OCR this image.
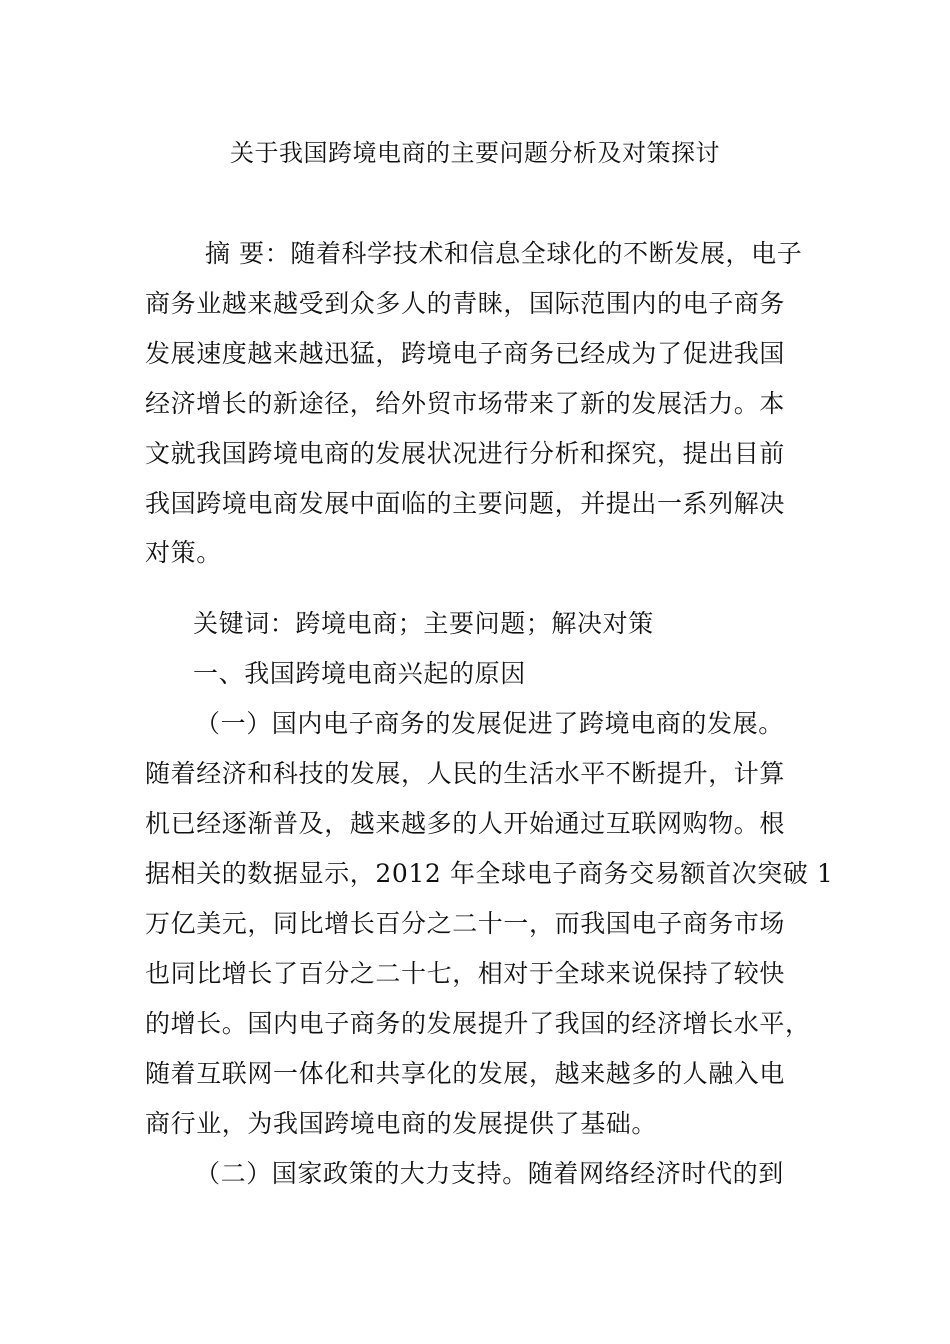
关于我国跨境电商的主要问题分析及对策探讨
摘 要：随着科学技术和信息全球化的不断发展，电子
商务业越来越受到众多人的青睐，国际范围内的电子商务
发展速度越来越迅猛，跨境电子商务已经成为了促进我国
经济增长的新途径，给外贸市场带来了新的发展活力。本
文就我国跨境电商的发展状况进行分析和探究，提出目前
我国跨境电商发展中面临的主要问题，并提出一系列解决
对策。
关键词：跨境电商；主要问题；解决对策
一、我国跨境电商兴起的原因
（一）国内电子商务的发展促进了跨境电商的发展。
随着经济和科技的发展，人民的生活水平不断提升，计算
机已经逐渐普及，越来越多的人开始通过互联网购物。根
据相关的数据显示，2012 年全球电子商务交易额首次突破 1
万亿美元，同比增长百分之二十一，而我国电子商务市场
也同比增长了百分之二十七，相对于全球来说保持了较快
的增长。国内电子商务的发展提升了我国的经济增长水平，
随着互联网一体化和共享化的发展，越来越多的人融入电
商行业，为我国跨境电商的发展提供了基础。
（二）国家政策的大力支持。随着网络经济时代的到
